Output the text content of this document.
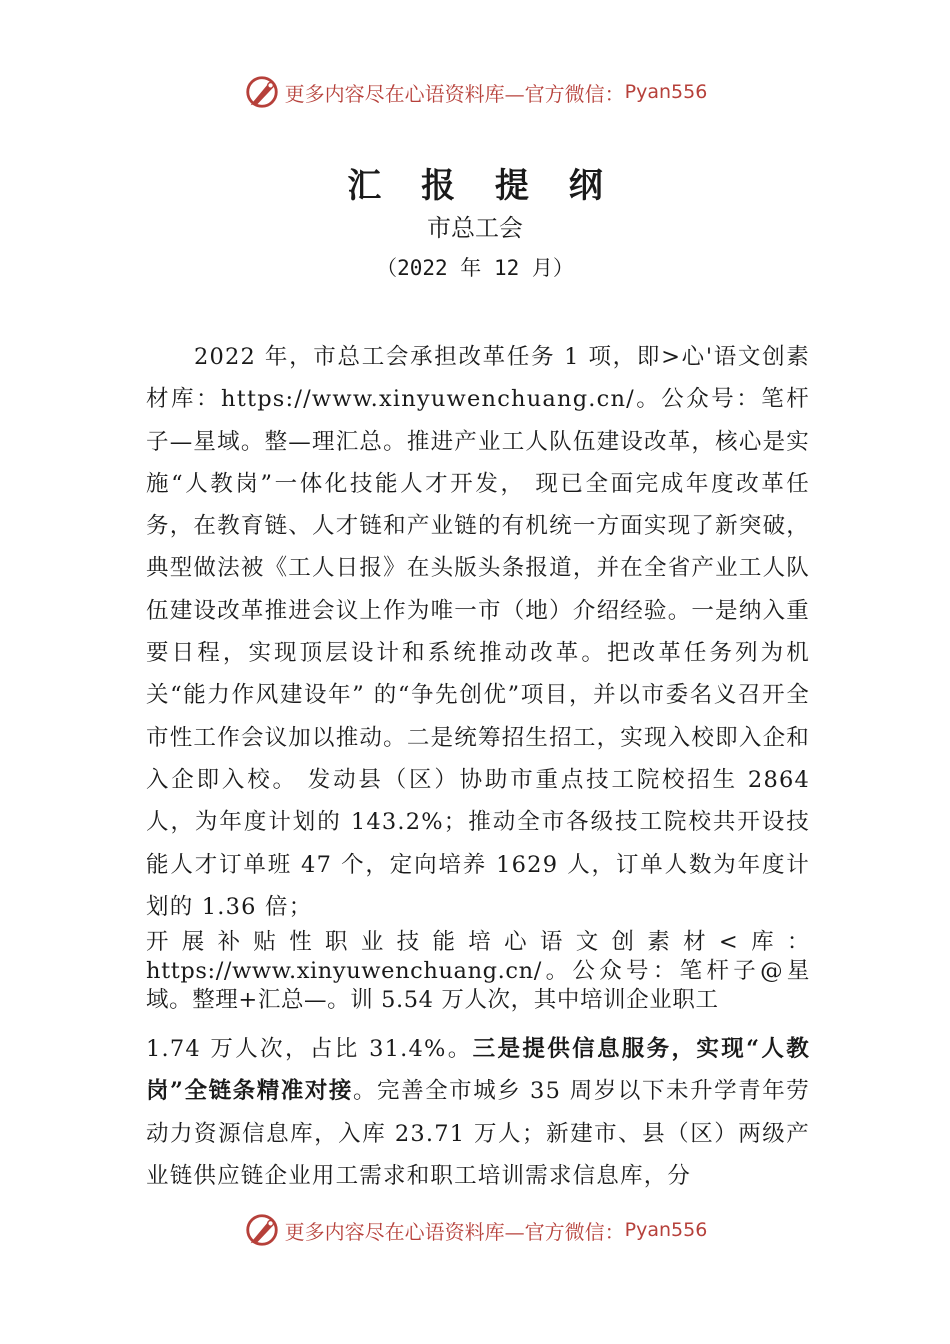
更多内容尽在心语资料库—官方微信： Pyan556
汇 报 提 纲
市总工会
（2022 年 12 月）
2022 年，市总工会承担改革任务 1 项，即>心'语文创素材库：https://www.xinyuwenchuang.cn/。公众号：笔杆子—星域。整—理汇总。推进产业工人队伍建设改革，核心是实施“人教岗”一体化技能人才开发， 现已全面完成年度改革任务，在教育链、人才链和产业链的有机统一方面实现了新突破，典型做法被《工人日报》在头版头条报道，并在全省产业工人队伍建设改革推进会议上作为唯一市（地）介绍经验。一是纳入重要日程，实现顶层设计和系统推动改革。把改革任务列为机关“能力作风建设年” 的“争先创优”项目，并以市委名义召开全市性工作会议加以推动。二是统筹招生招工，实现入校即入企和入企即入校。 发动县（区）协助市重点技工院校招生 2864 人，为年度计划的 143.2%；推动全市各级技工院校共开设技能人才订单班 47 个，定向培养 1629 人，订单人数为年度计划的 1.36 倍；
开展补贴性职业技能培心语文创素材<库：https://www.xinyuwenchuang.cn/。公众号：笔杆子@星域。整理+汇总—。训 5.54 万人次，其中培训企业职工
1.74 万人次，占比 31.4%。三是提供信息服务，实现“人教岗”全链条精准对接。完善全市城乡 35 周岁以下未升学青年劳动力资源信息库，入库 23.71 万人；新建市、县（区）两级产业链供应链企业用工需求和职工培训需求信息库，分
更多内容尽在心语资料库—官方微信： Pyan556
